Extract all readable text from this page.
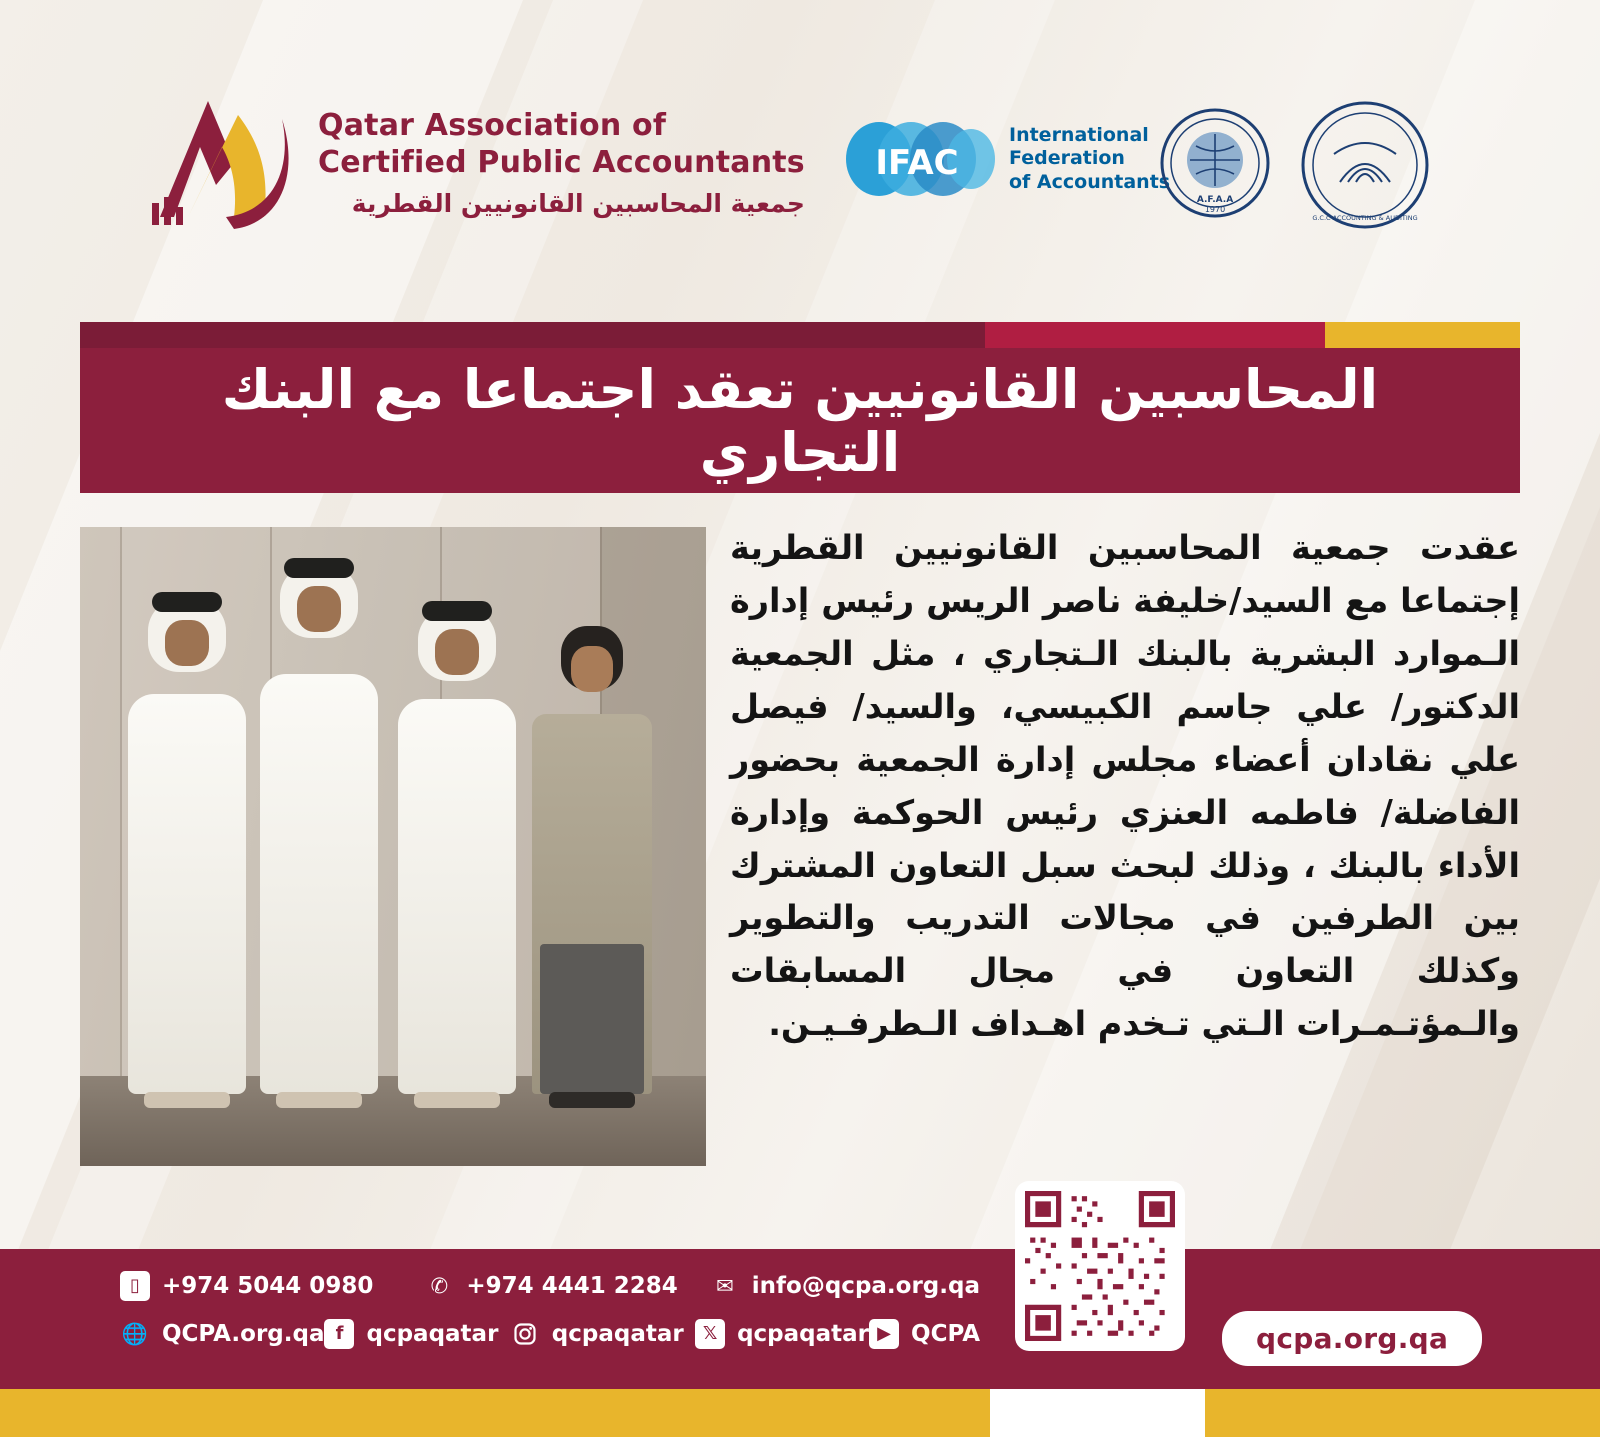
Qatar Association of
Certified Public Accountants
جمعية المحاسبين القانونيين القطرية
IFAC
International
Federation
of Accountants
A.F.A.A
1970
G.C.C ACCOUNTING & AUDITING
المحاسبين القانونيين تعقد اجتماعا مع البنك التجاري

عقدت جمعية المحاسبين القانونيين القطرية إجتماعا مع السيد/خليفة ناصر الريس رئيس إدارة الـموارد البشرية بالبنك الـتجاري ، مثل الجمعية الدكتور/ علي جاسم الكبيسي، والسيد/ فيصل علي نقادان أعضاء مجلس إدارة الجمعية بحضور الفاضلة/ فاطمه العنزي رئيس الحوكمة وإدارة الأداء بالبنك ، وذلك لبحث سبل التعاون المشترك بين الطرفين في مجالات التدريب والتطوير وكذلك التعاون في مجال المسابقات والـمؤتـمـرات الـتي تـخدم اهـداف الـطرفـيـن.

▯ +974 5044 0980	✆ +974 4441 2284 ✉ info@qcpa.org.qa
🌐 QCPA.org.qa f	qcpaqatar qcpaqatar	𝕏 qcpaqatar ▶ QCPA	qcpa.org.qa
